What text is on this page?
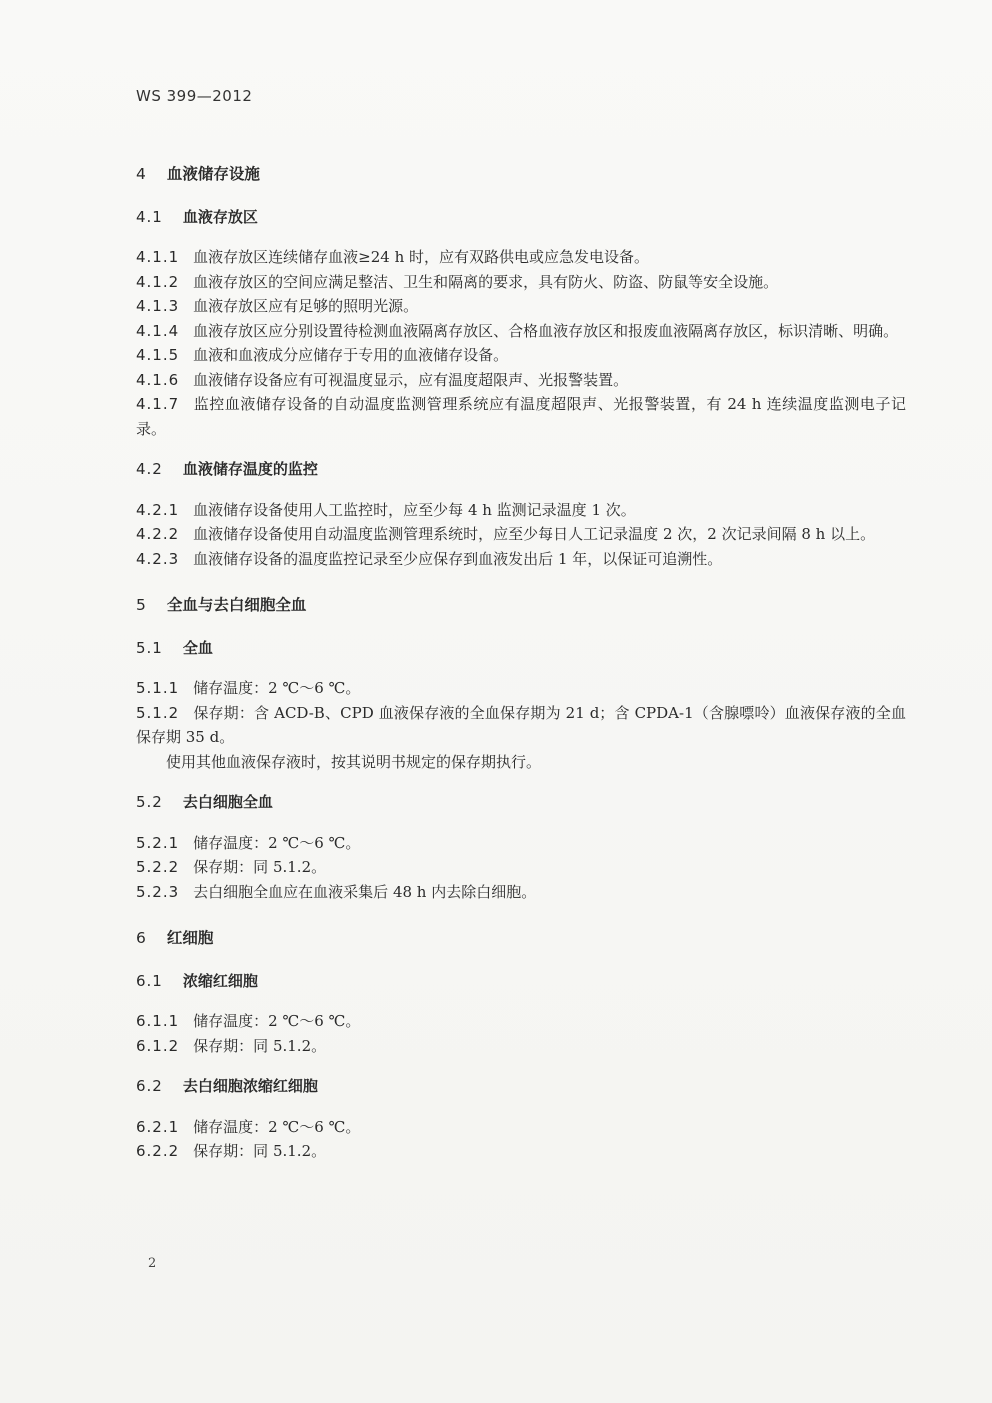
WS 399—2012
4 血液储存设施
4.1 血液存放区
4.1.1 血液存放区连续储存血液≥24 h 时，应有双路供电或应急发电设备。
4.1.2 血液存放区的空间应满足整洁、卫生和隔离的要求，具有防火、防盗、防鼠等安全设施。
4.1.3 血液存放区应有足够的照明光源。
4.1.4 血液存放区应分别设置待检测血液隔离存放区、合格血液存放区和报废血液隔离存放区，标识清晰、明确。
4.1.5 血液和血液成分应储存于专用的血液储存设备。
4.1.6 血液储存设备应有可视温度显示，应有温度超限声、光报警装置。
4.1.7 监控血液储存设备的自动温度监测管理系统应有温度超限声、光报警装置，有 24 h 连续温度监测电子记录。
4.2 血液储存温度的监控
4.2.1 血液储存设备使用人工监控时，应至少每 4 h 监测记录温度 1 次。
4.2.2 血液储存设备使用自动温度监测管理系统时，应至少每日人工记录温度 2 次，2 次记录间隔 8 h 以上。
4.2.3 血液储存设备的温度监控记录至少应保存到血液发出后 1 年，以保证可追溯性。
5 全血与去白细胞全血
5.1 全血
5.1.1 储存温度：2 ℃～6 ℃。
5.1.2 保存期：含 ACD-B、CPD 血液保存液的全血保存期为 21 d；含 CPDA-1（含腺嘌呤）血液保存液的全血保存期 35 d。
使用其他血液保存液时，按其说明书规定的保存期执行。
5.2 去白细胞全血
5.2.1 储存温度：2 ℃～6 ℃。
5.2.2 保存期：同 5.1.2。
5.2.3 去白细胞全血应在血液采集后 48 h 内去除白细胞。
6 红细胞
6.1 浓缩红细胞
6.1.1 储存温度：2 ℃～6 ℃。
6.1.2 保存期：同 5.1.2。
6.2 去白细胞浓缩红细胞
6.2.1 储存温度：2 ℃～6 ℃。
6.2.2 保存期：同 5.1.2。
2
